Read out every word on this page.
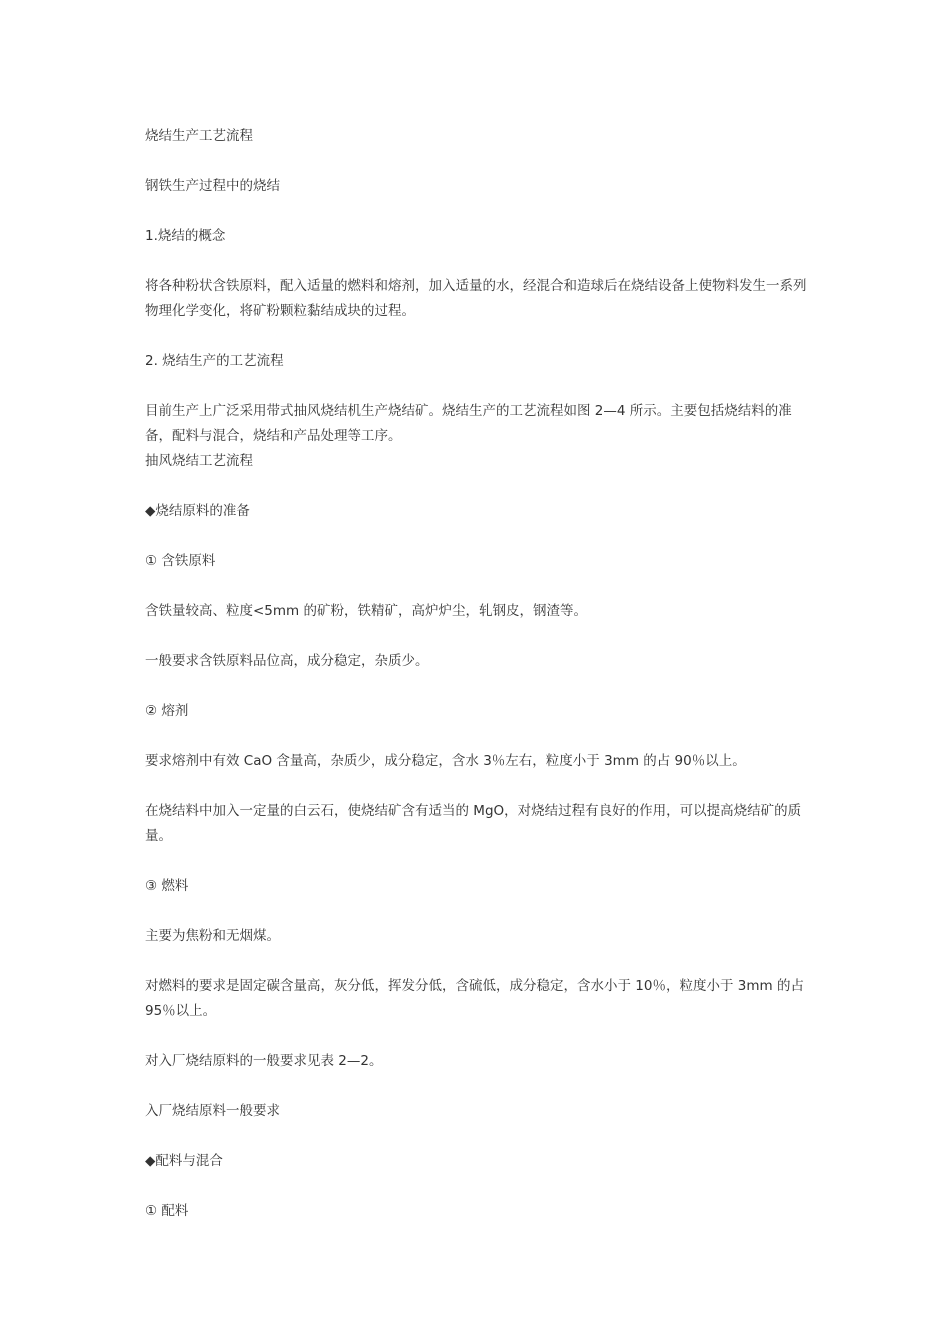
烧结生产工艺流程

钢铁生产过程中的烧结

1.烧结的概念

将各种粉状含铁原料，配入适量的燃料和熔剂，加入适量的水，经混合和造球后在烧结设备上使物料发生一系列物理化学变化，将矿粉颗粒黏结成块的过程。

2. 烧结生产的工艺流程

目前生产上广泛采用带式抽风烧结机生产烧结矿。烧结生产的工艺流程如图 2—4 所示。主要包括烧结料的准备，配料与混合，烧结和产品处理等工序。

抽风烧结工艺流程

◆烧结原料的准备

① 含铁原料

含铁量较高、粒度<5mm 的矿粉，铁精矿，高炉炉尘，轧钢皮，钢渣等。

一般要求含铁原料品位高，成分稳定，杂质少。

② 熔剂

要求熔剂中有效 CaO 含量高，杂质少，成分稳定，含水 3％左右，粒度小于 3mm 的占 90％以上。

在烧结料中加入一定量的白云石，使烧结矿含有适当的 MgO，对烧结过程有良好的作用，可以提高烧结矿的质量。

③ 燃料

主要为焦粉和无烟煤。

对燃料的要求是固定碳含量高，灰分低，挥发分低，含硫低，成分稳定，含水小于 10％，粒度小于 3mm 的占 95％以上。

对入厂烧结原料的一般要求见表 2—2。

入厂烧结原料一般要求

◆配料与混合

① 配料
